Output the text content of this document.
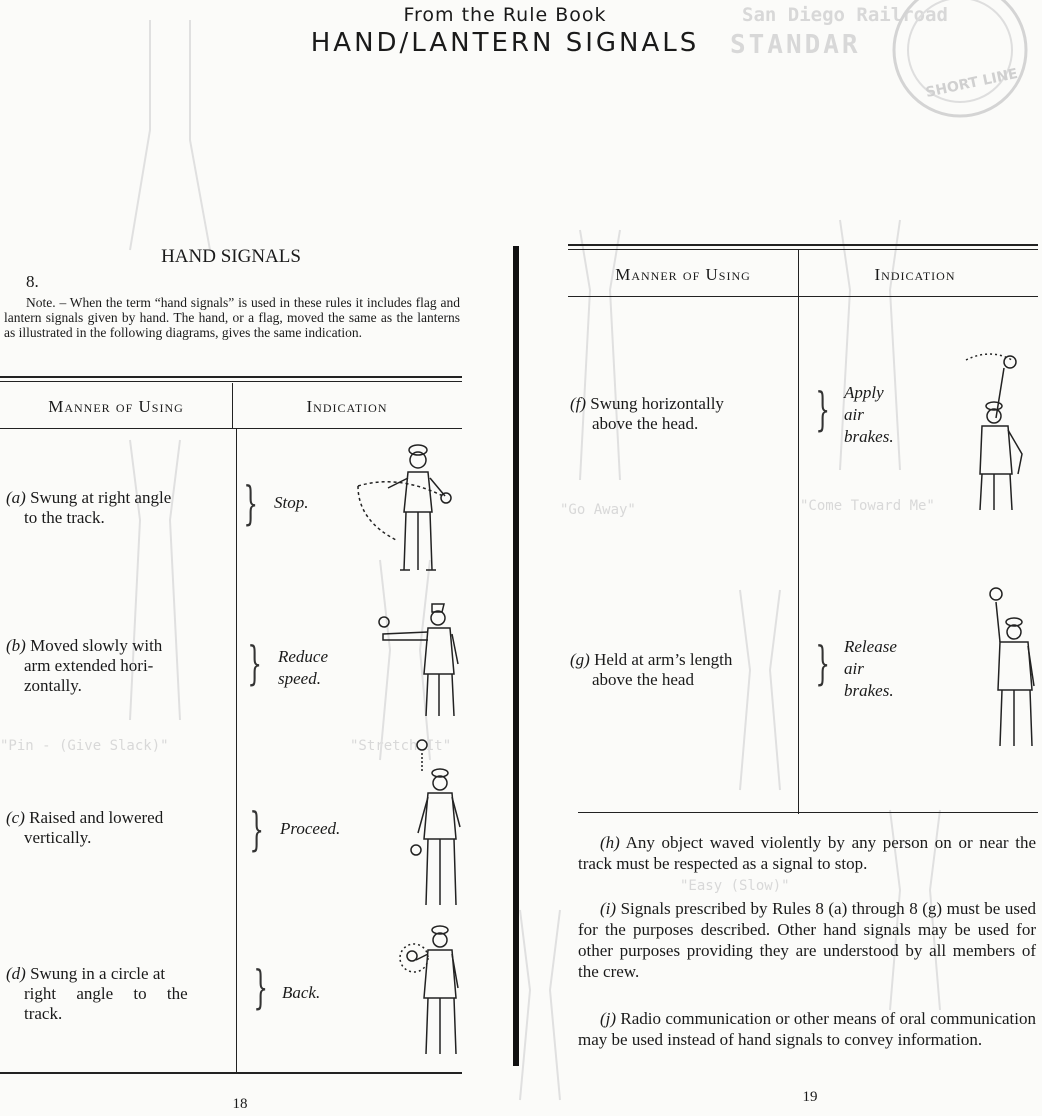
San Diego Railroad
STANDAR
"Go Away"	"Come Toward Me"
"Stretch It"
"Pin - (Give Slack)"
"Easy (Slow)"
SHORT LINE
From the Rule Book
HAND/LANTERN SIGNALS
HAND SIGNALS
8.
Note. – When the term “hand signals” is used in these rules it includes flag and lantern signals given by hand. The hand, or a flag, moved the same as the lanterns as illustrated in the following diagrams, gives the same indication.
Manner of Using	Indication
(a) Swung at right angle
to the track.	} Stop.
(b) Moved slowly with
arm extended hori-
zontally.	} Reduce
speed.
(c) Raised and lowered
vertically.	} Proceed.
(d) Swung in a circle at
right angle to the
track.	} Back.
18
Manner of Using	Indication
(f) Swung horizontally
above the head.	} Apply
air
brakes.
(g) Held at arm’s length
above the head	} Release
air
brakes.
(h) Any object waved violently by any person on or near the track must be respected as a signal to stop.
(i) Signals prescribed by Rules 8 (a) through 8 (g) must be used for the purposes described. Other hand signals may be used for other purposes providing they are understood by all members of the crew.
(j) Radio communication or other means of oral communication may be used instead of hand signals to convey information.
19
